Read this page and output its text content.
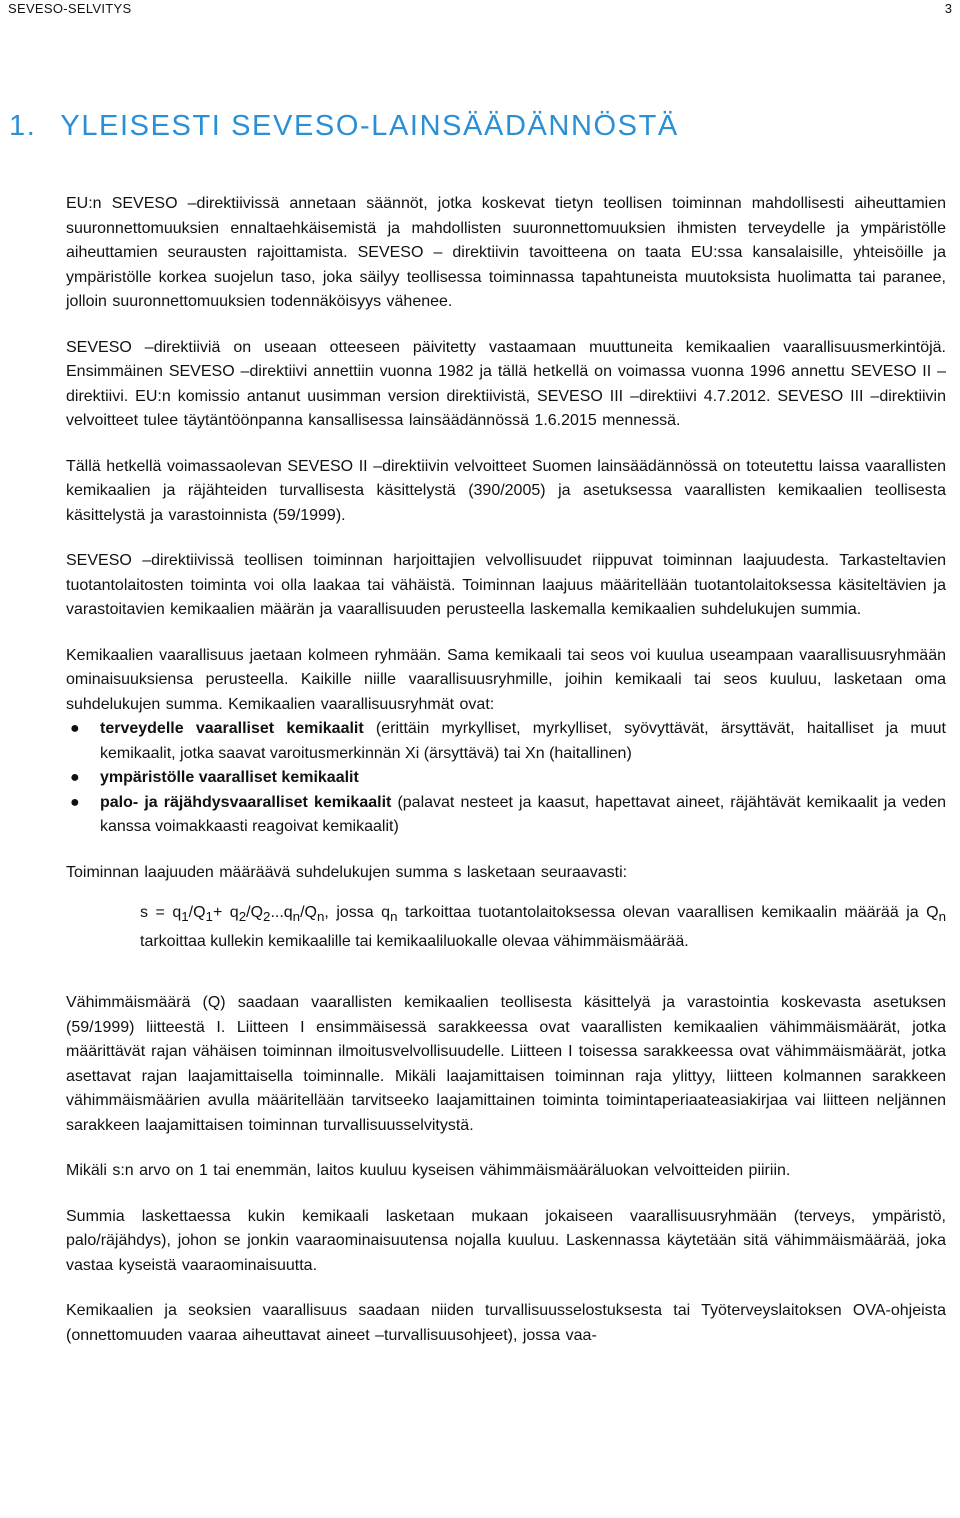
SEVESO-SELVITYS	3
1. YLEISESTI SEVESO-LAINSÄÄDÄNNÖSTÄ

EU:n SEVESO –direktiivissä annetaan säännöt, jotka koskevat tietyn teollisen toiminnan mahdollisesti aiheuttamien suuronnettomuuksien ennaltaehkäisemistä ja mahdollisten suuronnettomuuksien ihmisten terveydelle ja ympäristölle aiheuttamien seurausten rajoittamista. SEVESO – direktiivin tavoitteena on taata EU:ssa kansalaisille, yhteisöille ja ympäristölle korkea suojelun taso, joka säilyy teollisessa toiminnassa tapahtuneista muutoksista huolimatta tai paranee, jolloin suuronnettomuuksien todennäköisyys vähenee.

SEVESO –direktiiviä on useaan otteeseen päivitetty vastaamaan muuttuneita kemikaalien vaarallisuusmerkintöjä. Ensimmäinen SEVESO –direktiivi annettiin vuonna 1982 ja tällä hetkellä on voimassa vuonna 1996 annettu SEVESO II –direktiivi. EU:n komissio antanut uusimman version direktiivistä, SEVESO III –direktiivi 4.7.2012. SEVESO III –direktiivin velvoitteet tulee täytäntöönpanna kansallisessa lainsäädännössä 1.6.2015 mennessä.

Tällä hetkellä voimassaolevan SEVESO II –direktiivin velvoitteet Suomen lainsäädännössä on toteutettu laissa vaarallisten kemikaalien ja räjähteiden turvallisesta käsittelystä (390/2005) ja asetuksessa vaarallisten kemikaalien teollisesta käsittelystä ja varastoinnista (59/1999).

SEVESO –direktiivissä teollisen toiminnan harjoittajien velvollisuudet riippuvat toiminnan laajuudesta. Tarkasteltavien tuotantolaitosten toiminta voi olla laakaa tai vähäistä. Toiminnan laajuus määritellään tuotantolaitoksessa käsiteltävien ja varastoitavien kemikaalien määrän ja vaarallisuuden perusteella laskemalla kemikaalien suhdelukujen summia.

Kemikaalien vaarallisuus jaetaan kolmeen ryhmään. Sama kemikaali tai seos voi kuulua useampaan vaarallisuusryhmään ominaisuuksiensa perusteella. Kaikille niille vaarallisuusryhmille, joihin kemikaali tai seos kuuluu, lasketaan oma suhdelukujen summa. Kemikaalien vaarallisuusryhmät ovat:

● terveydelle vaaralliset kemikaalit (erittäin myrkylliset, myrkylliset, syövyttävät, ärsyttävät, haitalliset ja muut kemikaalit, jotka saavat varoitusmerkinnän Xi (ärsyttävä) tai Xn (haitallinen)
● ympäristölle vaaralliset kemikaalit
● palo- ja räjähdysvaaralliset kemikaalit (palavat nesteet ja kaasut, hapettavat aineet, räjähtävät kemikaalit ja veden kanssa voimakkaasti reagoivat kemikaalit)

Toiminnan laajuuden määräävä suhdelukujen summa s lasketaan seuraavasti:

$s = q_1/Q_1+ q_2/Q_2...q_n/Q_n$, jossa $q_n$ tarkoittaa tuotantolaitoksessa olevan vaarallisen kemikaalin määrää ja $Q_n$ tarkoittaa kullekin kemikaalille tai kemikaaliluokalle olevaa vähimmäismäärää.

Vähimmäismäärä (Q) saadaan vaarallisten kemikaalien teollisesta käsittelyä ja varastointia koskevasta asetuksen (59/1999) liitteestä I. Liitteen I ensimmäisessä sarakkeessa ovat vaarallisten kemikaalien vähimmäismäärät, jotka määrittävät rajan vähäisen toiminnan ilmoitusvelvollisuudelle. Liitteen I toisessa sarakkeessa ovat vähimmäismäärät, jotka asettavat rajan laajamittaisella toiminnalle. Mikäli laajamittaisen toiminnan raja ylittyy, liitteen kolmannen sarakkeen vähimmäismäärien avulla määritellään tarvitseeko laajamittainen toiminta toimintaperiaateasiakirjaa vai liitteen neljännen sarakkeen laajamittaisen toiminnan turvallisuusselvitystä.

Mikäli s:n arvo on 1 tai enemmän, laitos kuuluu kyseisen vähimmäismääräluokan velvoitteiden piiriin.

Summia laskettaessa kukin kemikaali lasketaan mukaan jokaiseen vaarallisuusryhmään (terveys, ympäristö, palo/räjähdys), johon se jonkin vaaraominaisuutensa nojalla kuuluu. Laskennassa käytetään sitä vähimmäismäärää, joka vastaa kyseistä vaaraominaisuutta.

Kemikaalien ja seoksien vaarallisuus saadaan niiden turvallisuusselostuksesta tai Työterveyslaitoksen OVA-ohjeista (onnettomuuden vaaraa aiheuttavat aineet –turvallisuusohjeet), jossa vaa-
